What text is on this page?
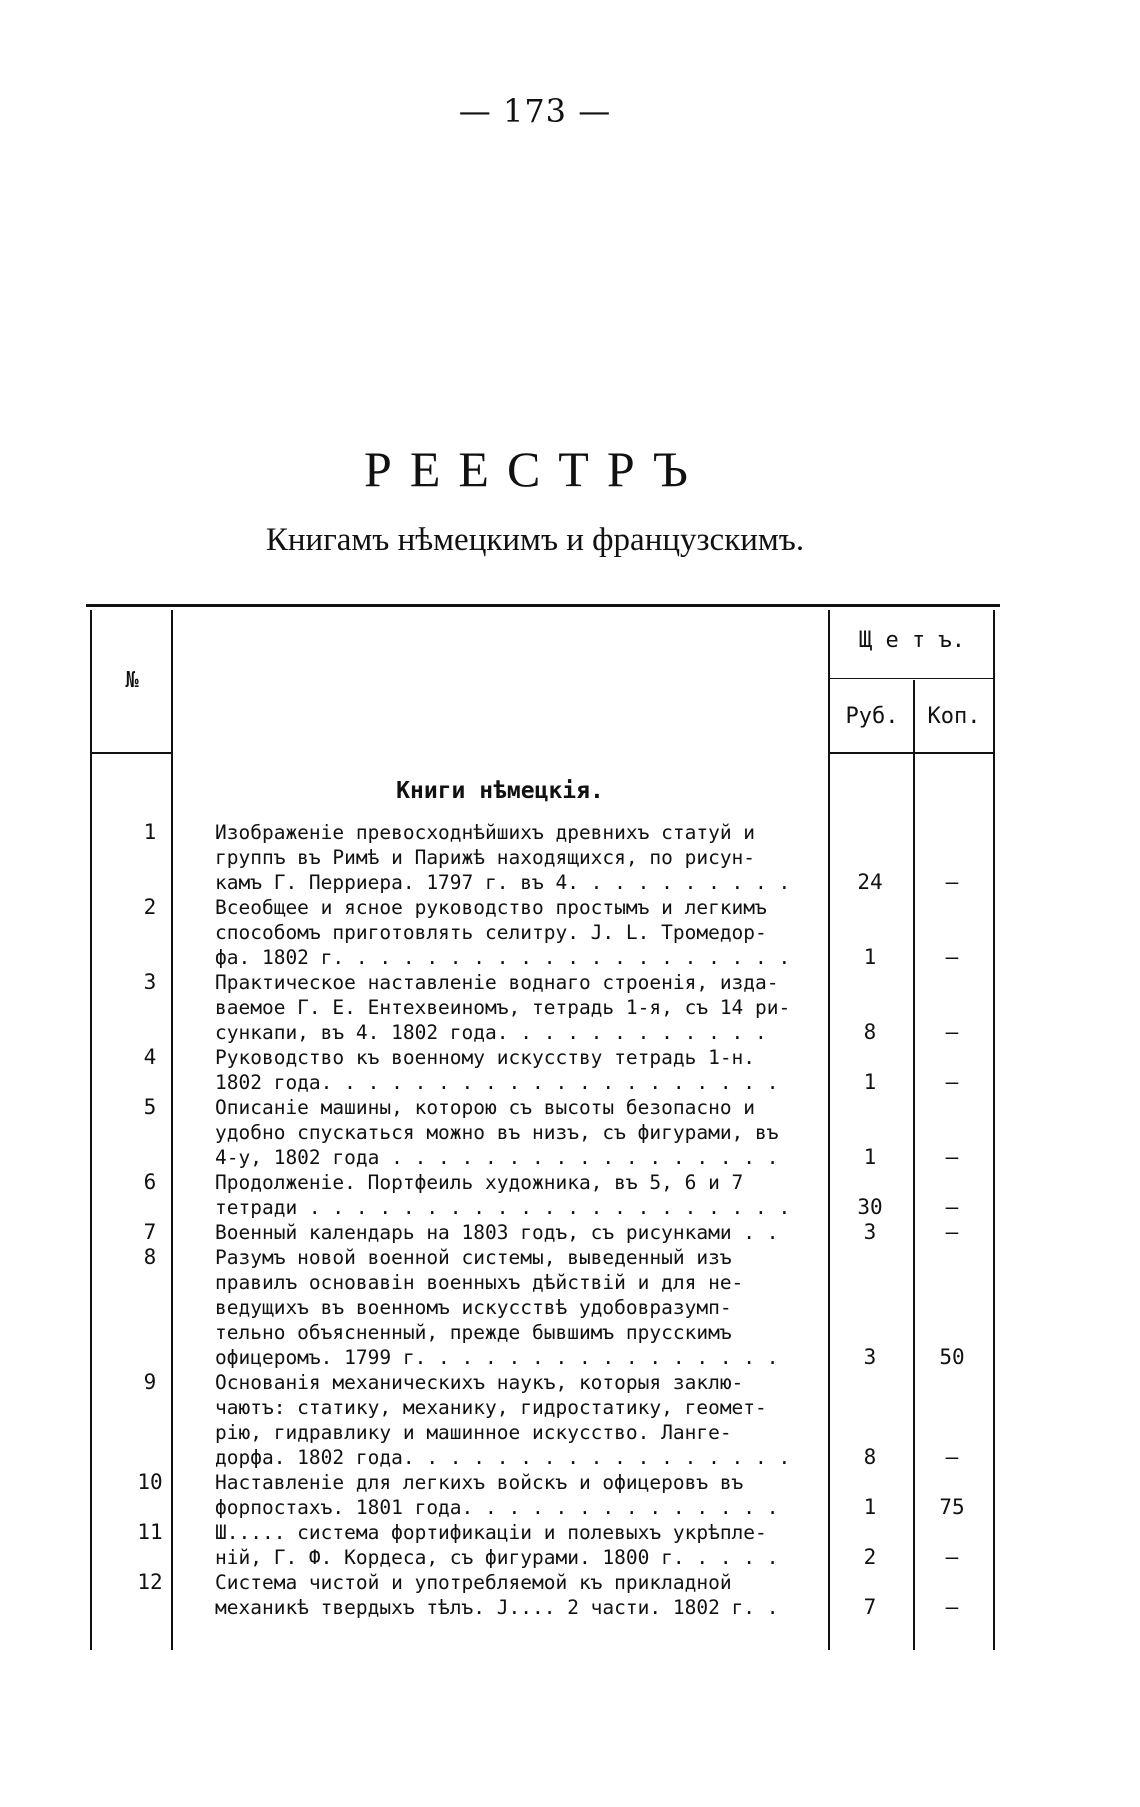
— 173 —
РЕЕСТРЪ
Книгамъ нѣмецкимъ и французскимъ.
№
Щ е т ъ.
Руб.	Коп.
Книги нѣмецкія.
1	Изображеніе превосходнѣйшихъ древнихъ статуй и
группъ въ Римѣ и Парижѣ находящихся, по рисун-
камъ Г. Перриера. 1797 г. въ 4. . . . . . . . . .	24	—
2	Всеобщее и ясное руководство простымъ и легкимъ
способомъ приготовлять селитру. J. L. Тромедор-
фа. 1802 г. . . . . . . . . . . . . . . . . . . .	1	—
3	Практическое наставленіе воднаго строенія, изда-
ваемое Г. Е. Ентехвеиномъ, тетрадь 1-я, съ 14 ри-
сункапи, въ 4. 1802 года. . . . . . . . . . . .	8	—
4	Руководство къ военному искусству тетрадь 1-н.
1802 года. . . . . . . . . . . . . . . . . . . .	1	—
5	Описаніе машины, которою съ высоты безопасно и
удобно спускаться можно въ низъ, съ фигурами, въ
4-у, 1802 года . . . . . . . . . . . . . . . . .	1	—
6	Продолженіе. Портфеиль художника, въ 5, 6 и 7
тетради . . . . . . . . . . . . . . . . . . . . .	30	—
7	Военный календарь на 1803 годъ, съ рисунками . .	3	—
8	Разумъ новой военной системы, выведенный изъ
правилъ основавiн военныхъ дѣйствій и для не-
ведущихъ въ военномъ искусствѣ удобовразумп-
тельно объясненный, прежде бывшимъ прусскимъ
офицеромъ. 1799 г. . . . . . . . . . . . . . . .	3	50
9	Основанія механическихъ наукъ, которыя заклю-
чаютъ: статику, механику, гидростатику, геомет-
рію, гидравлику и машинное искусство. Ланге-
дорфа. 1802 года. . . . . . . . . . . . . . . . .	8	—
10	Наставленіе для легкихъ войскъ и офицеровъ въ
форпостахъ. 1801 года. . . . . . . . . . . . . .	1	75
11	Ш..... система фортификаціи и полевыхъ укрѣпле-
ній, Г. Ф. Кордеса, съ фигурами. 1800 г. . . . .	2	—
12	Система чистой и употребляемой къ прикладной
механикѣ твердыхъ тѣлъ. J.... 2 части. 1802 г. .	7	—
